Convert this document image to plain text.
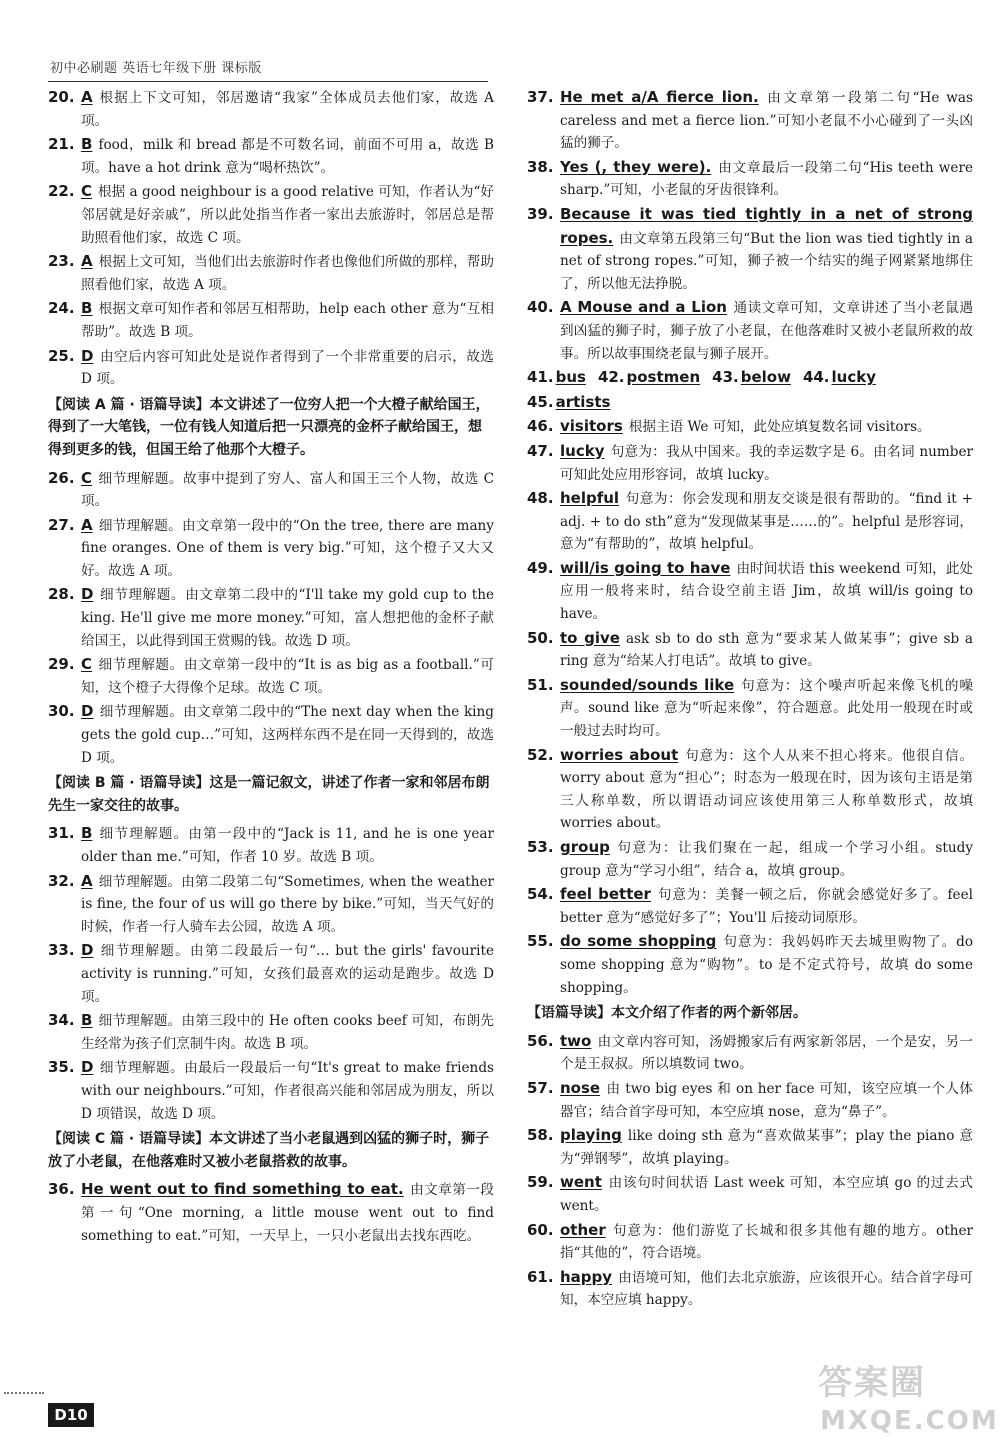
初中必刷题 英语七年级下册 课标版
20. A 根据上下文可知，邻居邀请“我家”全体成员去他们家，故选 A 项。
21. B food，milk 和 bread 都是不可数名词，前面不可用 a，故选 B 项。have a hot drink 意为“喝杯热饮”。
22. C 根据 a good neighbour is a good relative 可知，作者认为“好邻居就是好亲戚”，所以此处指当作者一家出去旅游时，邻居总是帮助照看他们家，故选 C 项。
23. A 根据上文可知，当他们出去旅游时作者也像他们所做的那样，帮助照看他们家，故选 A 项。
24. B 根据文章可知作者和邻居互相帮助，help each other 意为“互相帮助”。故选 B 项。
25. D 由空后内容可知此处是说作者得到了一个非常重要的启示，故选 D 项。
【阅读 A 篇 · 语篇导读】本文讲述了一位穷人把一个大橙子献给国王，得到了一大笔钱，一位有钱人知道后把一只漂亮的金杯子献给国王，想得到更多的钱，但国王给了他那个大橙子。
26. C 细节理解题。故事中提到了穷人、富人和国王三个人物，故选 C 项。
27. A 细节理解题。由文章第一段中的“On the tree, there are many fine oranges. One of them is very big.”可知，这个橙子又大又好。故选 A 项。
28. D 细节理解题。由文章第二段中的“I'll take my gold cup to the king. He'll give me more money.”可知，富人想把他的金杯子献给国王，以此得到国王赏赐的钱。故选 D 项。
29. C 细节理解题。由文章第一段中的“It is as big as a football.”可知，这个橙子大得像个足球。故选 C 项。
30. D 细节理解题。由文章第二段中的“The next day when the king gets the gold cup…”可知，这两样东西不是在同一天得到的，故选 D 项。
【阅读 B 篇 · 语篇导读】这是一篇记叙文，讲述了作者一家和邻居布朗先生一家交往的故事。
31. B 细节理解题。由第一段中的“Jack is 11, and he is one year older than me.”可知，作者 10 岁。故选 B 项。
32. A 细节理解题。由第二段第二句“Sometimes, when the weather is fine, the four of us will go there by bike.”可知，当天气好的时候，作者一行人骑车去公园，故选 A 项。
33. D 细节理解题。由第二段最后一句“… but the girls' favourite activity is running.”可知，女孩们最喜欢的运动是跑步。故选 D 项。
34. B 细节理解题。由第三段中的 He often cooks beef 可知，布朗先生经常为孩子们烹制牛肉。故选 B 项。
35. D 细节理解题。由最后一段最后一句“It's great to make friends with our neighbours.”可知，作者很高兴能和邻居成为朋友，所以 D 项错误，故选 D 项。
【阅读 C 篇 · 语篇导读】本文讲述了当小老鼠遇到凶猛的狮子时，狮子放了小老鼠，在他落难时又被小老鼠搭救的故事。
36. He went out to find something to eat. 由文章第一段第一句“One morning, a little mouse went out to find something to eat.”可知，一天早上，一只小老鼠出去找东西吃。
37. He met a/A fierce lion. 由文章第一段第二句“He was careless and met a fierce lion.”可知小老鼠不小心碰到了一头凶猛的狮子。
38. Yes (, they were). 由文章最后一段第二句“His teeth were sharp.”可知，小老鼠的牙齿很锋利。
39. Because it was tied tightly in a net of strong ropes. 由文章第五段第三句“But the lion was tied tightly in a net of strong ropes.”可知，狮子被一个结实的绳子网紧紧地绑住了，所以他无法挣脱。
40. A Mouse and a Lion 通读文章可知，文章讲述了当小老鼠遇到凶猛的狮子时，狮子放了小老鼠，在他落难时又被小老鼠所救的故事。所以故事围绕老鼠与狮子展开。
41. bus 42. postmen 43. below 44. lucky
45. artists
46. visitors 根据主语 We 可知，此处应填复数名词 visitors。
47. lucky 句意为：我从中国来。我的幸运数字是 6。由名词 number 可知此处应用形容词，故填 lucky。
48. helpful 句意为：你会发现和朋友交谈是很有帮助的。“find it + adj. + to do sth”意为“发现做某事是……的”。helpful 是形容词，意为“有帮助的”，故填 helpful。
49. will/is going to have 由时间状语 this weekend 可知，此处应用一般将来时，结合设空前主语 Jim，故填 will/is going to have。
50. to give ask sb to do sth 意为“要求某人做某事”；give sb a ring 意为“给某人打电话”。故填 to give。
51. sounded/sounds like 句意为：这个噪声听起来像飞机的噪声。sound like 意为“听起来像”，符合题意。此处用一般现在时或一般过去时均可。
52. worries about 句意为：这个人从来不担心将来。他很自信。worry about 意为“担心”；时态为一般现在时，因为该句主语是第三人称单数，所以谓语动词应该使用第三人称单数形式，故填 worries about。
53. group 句意为：让我们聚在一起，组成一个学习小组。study group 意为“学习小组”，结合 a，故填 group。
54. feel better 句意为：美餐一顿之后，你就会感觉好多了。feel better 意为“感觉好多了”；You'll 后接动词原形。
55. do some shopping 句意为：我妈妈昨天去城里购物了。do some shopping 意为“购物”。to 是不定式符号，故填 do some shopping。
【语篇导读】本文介绍了作者的两个新邻居。
56. two 由文章内容可知，汤姆搬家后有两家新邻居，一个是安，另一个是王叔叔。所以填数词 two。
57. nose 由 two big eyes 和 on her face 可知，该空应填一个人体器官；结合首字母可知，本空应填 nose，意为“鼻子”。
58. playing like doing sth 意为“喜欢做某事”；play the piano 意为“弹钢琴”，故填 playing。
59. went 由该句时间状语 Last week 可知，本空应填 go 的过去式 went。
60. other 句意为：他们游览了长城和很多其他有趣的地方。other 指“其他的”，符合语境。
61. happy 由语境可知，他们去北京旅游，应该很开心。结合首字母可知，本空应填 happy。
D10
答案圈
MXQE.COM
